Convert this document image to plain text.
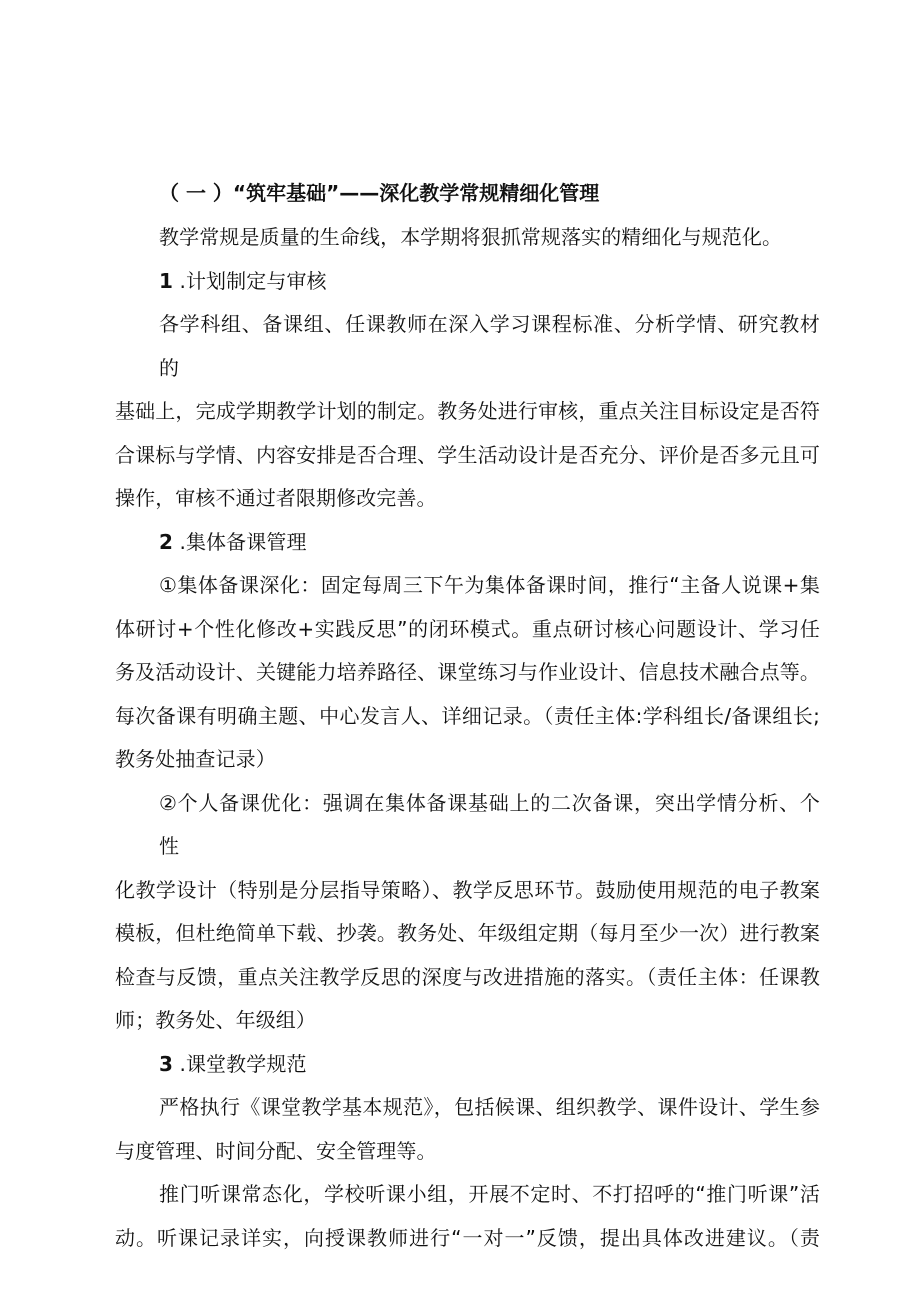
（ 一 ）“筑牢基础”——深化教学常规精细化管理
教学常规是质量的生命线，本学期将狠抓常规落实的精细化与规范化。
1 .计划制定与审核
各学科组、备课组、任课教师在深入学习课程标准、分析学情、研究教材的
基础上，完成学期教学计划的制定。教务处进行审核，重点关注目标设定是否符
合课标与学情、内容安排是否合理、学生活动设计是否充分、评价是否多元且可
操作，审核不通过者限期修改完善。
2 .集体备课管理
①集体备课深化：固定每周三下午为集体备课时间，推行“主备人说课+集
体研讨+个性化修改+实践反思”的闭环模式。重点研讨核心问题设计、学习任
务及活动设计、关键能力培养路径、课堂练习与作业设计、信息技术融合点等。
每次备课有明确主题、中心发言人、详细记录。（责任主体:学科组长/备课组长;
教务处抽查记录）
②个人备课优化：强调在集体备课基础上的二次备课，突出学情分析、个性
化教学设计（特别是分层指导策略）、教学反思环节。鼓励使用规范的电子教案
模板，但杜绝简单下载、抄袭。教务处、年级组定期（每月至少一次）进行教案
检查与反馈，重点关注教学反思的深度与改进措施的落实。（责任主体：任课教
师；教务处、年级组）
3 .课堂教学规范
严格执行《课堂教学基本规范》，包括候课、组织教学、课件设计、学生参
与度管理、时间分配、安全管理等。
推门听课常态化，学校听课小组，开展不定时、不打招呼的“推门听课”活
动。听课记录详实，向授课教师进行“一对一”反馈，提出具体改进建议。（责
